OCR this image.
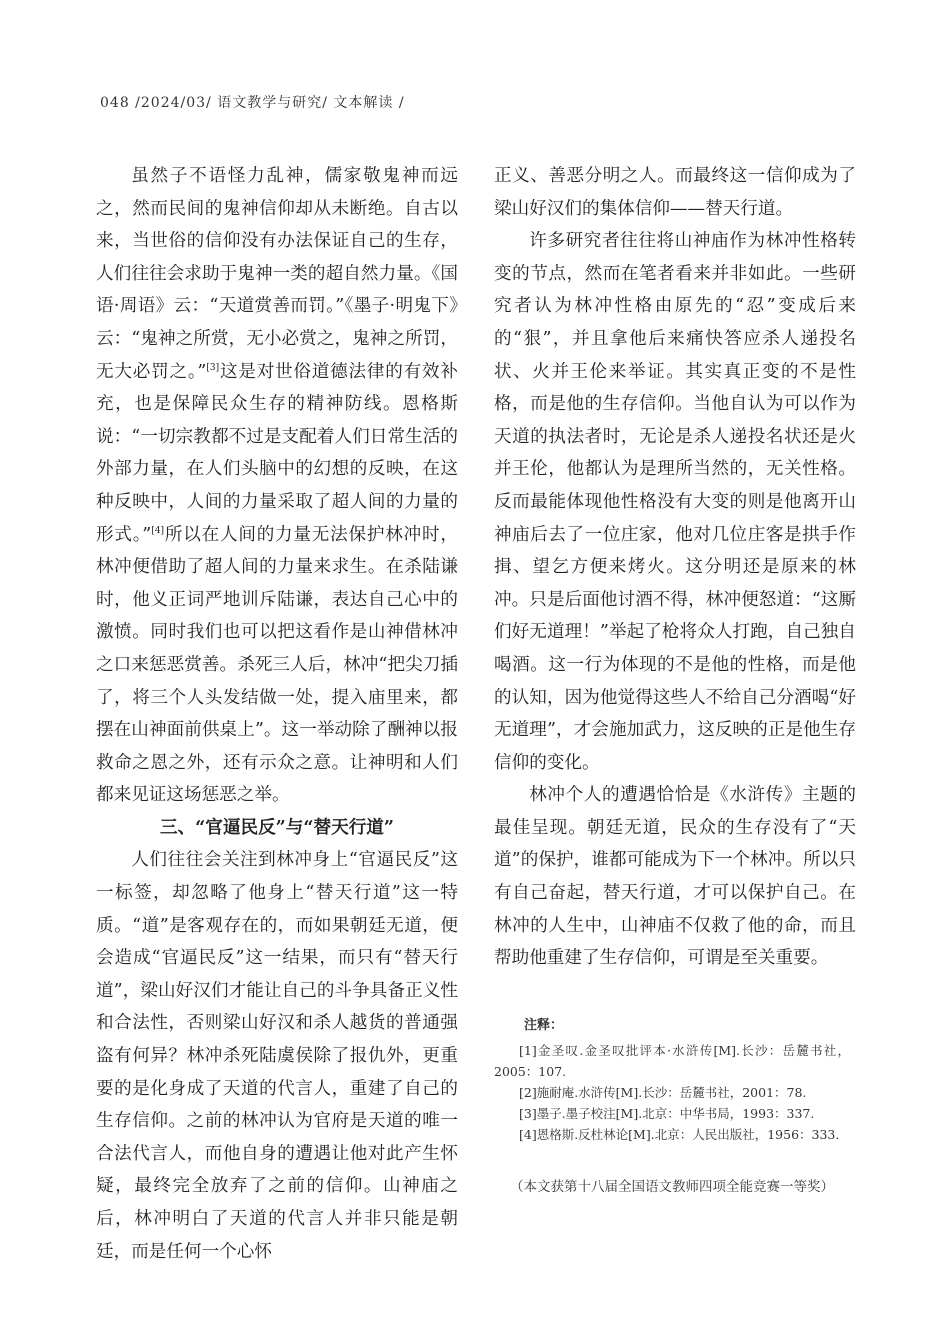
048 /2024/03/ 语文教学与研究/ 文本解读 /

虽然子不语怪力乱神，儒家敬鬼神而远之，然而民间的鬼神信仰却从未断绝。自古以来，当世俗的信仰没有办法保证自己的生存，人们往往会求助于鬼神一类的超自然力量。《国语·周语》云：“天道赏善而罚。”《墨子·明鬼下》云：“鬼神之所赏，无小必赏之，鬼神之所罚，无大必罚之。”[3]这是对世俗道德法律的有效补充，也是保障民众生存的精神防线。恩格斯说：“一切宗教都不过是支配着人们日常生活的外部力量，在人们头脑中的幻想的反映，在这种反映中，人间的力量采取了超人间的力量的形式。”[4]所以在人间的力量无法保护林冲时，林冲便借助了超人间的力量来求生。在杀陆谦时，他义正词严地训斥陆谦，表达自己心中的激愤。同时我们也可以把这看作是山神借林冲之口来惩恶赏善。杀死三人后，林冲“把尖刀插了，将三个人头发结做一处，提入庙里来，都摆在山神面前供桌上”。这一举动除了酬神以报救命之恩之外，还有示众之意。让神明和人们都来见证这场惩恶之举。

三、“官逼民反”与“替天行道”

人们往往会关注到林冲身上“官逼民反”这一标签，却忽略了他身上“替天行道”这一特质。“道”是客观存在的，而如果朝廷无道，便会造成“官逼民反”这一结果，而只有“替天行道”，梁山好汉们才能让自己的斗争具备正义性和合法性，否则梁山好汉和杀人越货的普通强盗有何异？林冲杀死陆虞侯除了报仇外，更重要的是化身成了天道的代言人，重建了自己的生存信仰。之前的林冲认为官府是天道的唯一合法代言人，而他自身的遭遇让他对此产生怀疑，最终完全放弃了之前的信仰。山神庙之后，林冲明白了天道的代言人并非只能是朝廷，而是任何一个心怀

正义、善恶分明之人。而最终这一信仰成为了梁山好汉们的集体信仰——替天行道。

许多研究者往往将山神庙作为林冲性格转变的节点，然而在笔者看来并非如此。一些研究者认为林冲性格由原先的“忍”变成后来的“狠”，并且拿他后来痛快答应杀人递投名状、火并王伦来举证。其实真正变的不是性格，而是他的生存信仰。当他自认为可以作为天道的执法者时，无论是杀人递投名状还是火并王伦，他都认为是理所当然的，无关性格。反而最能体现他性格没有大变的则是他离开山神庙后去了一位庄家，他对几位庄客是拱手作揖、望乞方便来烤火。这分明还是原来的林冲。只是后面他讨酒不得，林冲便怒道：“这厮们好无道理！”举起了枪将众人打跑，自己独自喝酒。这一行为体现的不是他的性格，而是他的认知，因为他觉得这些人不给自己分酒喝“好无道理”，才会施加武力，这反映的正是他生存信仰的变化。

林冲个人的遭遇恰恰是《水浒传》主题的最佳呈现。朝廷无道，民众的生存没有了“天道”的保护，谁都可能成为下一个林冲。所以只有自己奋起，替天行道，才可以保护自己。在林冲的人生中，山神庙不仅救了他的命，而且帮助他重建了生存信仰，可谓是至关重要。

注释：
[1]金圣叹.金圣叹批评本·水浒传[M].长沙：岳麓书社，2005：107.
[2]施耐庵.水浒传[M].长沙：岳麓书社，2001：78.
[3]墨子.墨子校注[M].北京：中华书局，1993：337.
[4]恩格斯.反杜林论[M].北京：人民出版社，1956：333.
（本文获第十八届全国语文教师四项全能竞赛一等奖）
